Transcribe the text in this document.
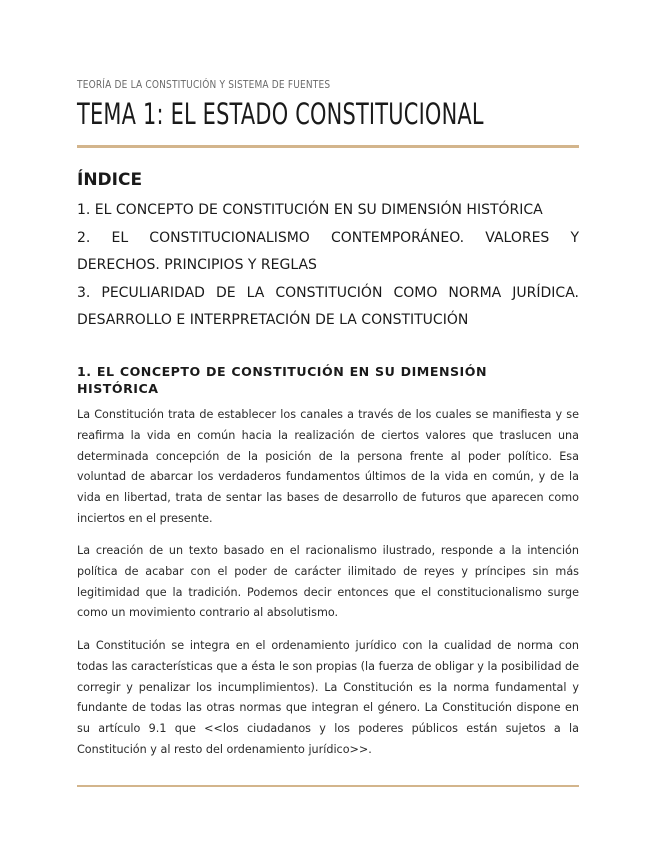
TEORÍA DE LA CONSTITUCIÓN Y SISTEMA DE FUENTES
TEMA 1: EL ESTADO CONSTITUCIONAL
ÍNDICE
1. EL CONCEPTO DE CONSTITUCIÓN EN SU DIMENSIÓN HISTÓRICA
2. EL CONSTITUCIONALISMO CONTEMPORÁNEO. VALORES Y DERECHOS. PRINCIPIOS Y REGLAS
3. PECULIARIDAD DE LA CONSTITUCIÓN COMO NORMA JURÍDICA. DESARROLLO E INTERPRETACIÓN DE LA CONSTITUCIÓN
1. EL CONCEPTO DE CONSTITUCIÓN EN SU DIMENSIÓN HISTÓRICA

La Constitución trata de establecer los canales a través de los cuales se manifiesta y se reafirma la vida en común hacia la realización de ciertos valores que traslucen una determinada concepción de la posición de la persona frente al poder político. Esa voluntad de abarcar los verdaderos fundamentos últimos de la vida en común, y de la vida en libertad, trata de sentar las bases de desarrollo de futuros que aparecen como inciertos en el presente.

La creación de un texto basado en el racionalismo ilustrado, responde a la intención política de acabar con el poder de carácter ilimitado de reyes y príncipes sin más legitimidad que la tradición. Podemos decir entonces que el constitucionalismo surge como un movimiento contrario al absolutismo.

La Constitución se integra en el ordenamiento jurídico con la cualidad de norma con todas las características que a ésta le son propias (la fuerza de obligar y la posibilidad de corregir y penalizar los incumplimientos). La Constitución es la norma fundamental y fundante de todas las otras normas que integran el género. La Constitución dispone en su artículo 9.1 que <<los ciudadanos y los poderes públicos están sujetos a la Constitución y al resto del ordenamiento jurídico>>.
